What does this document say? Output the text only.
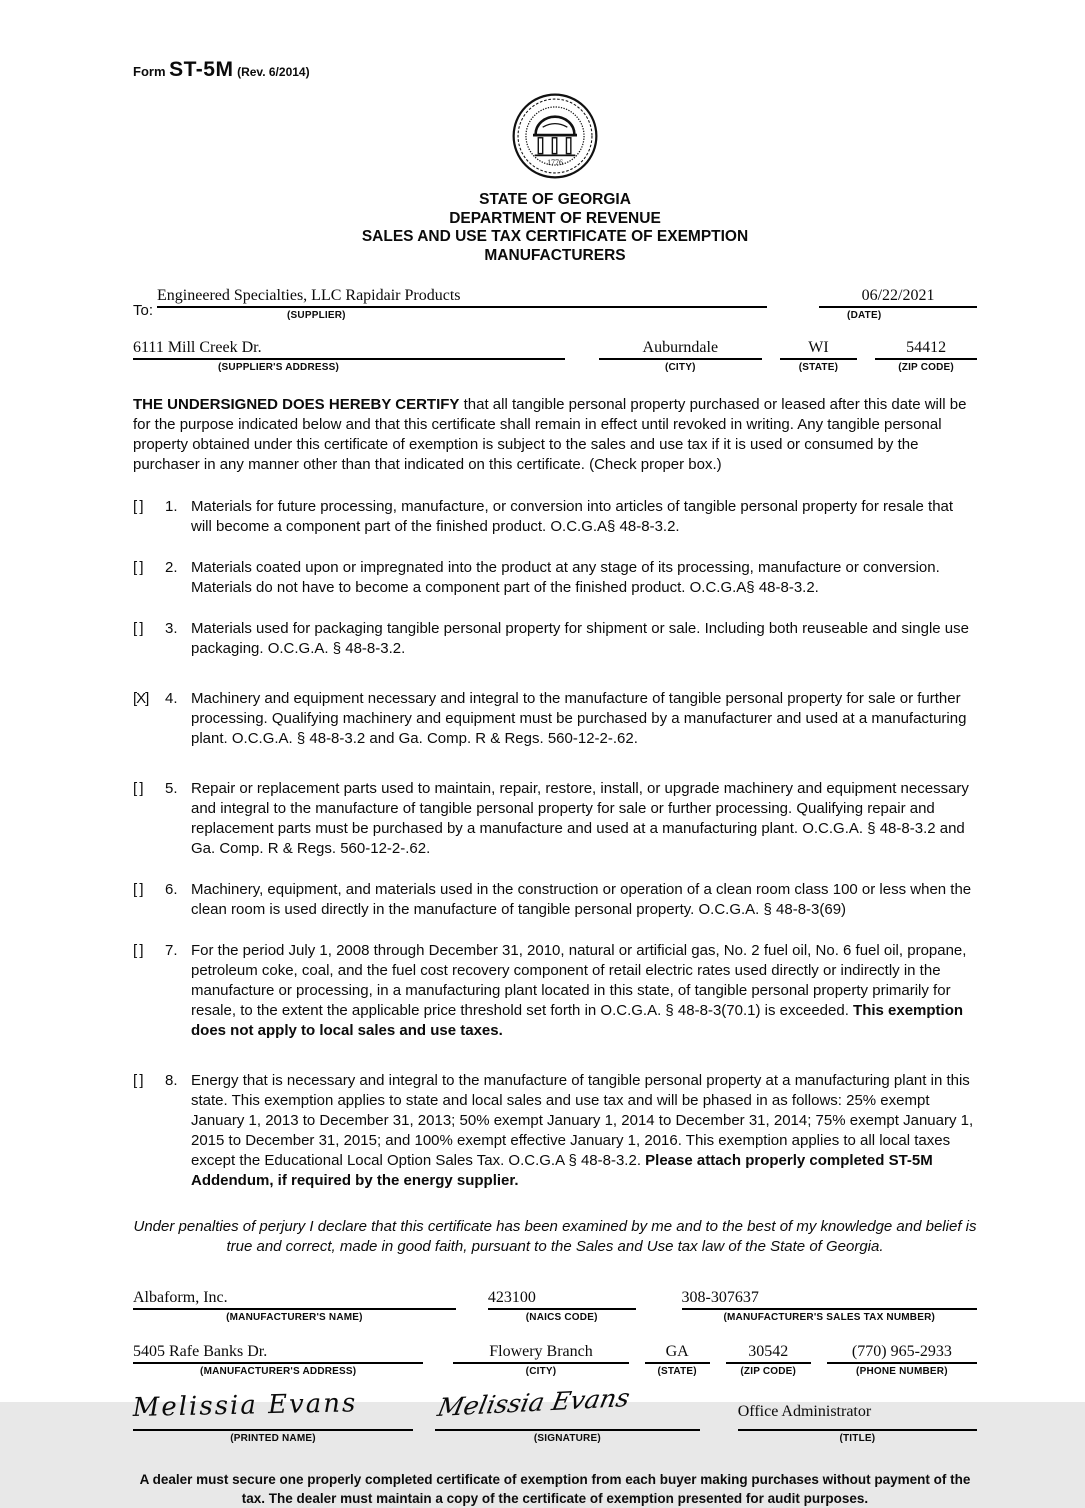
Form ST-5M (Rev. 6/2014)
1776
STATE OF GEORGIA
DEPARTMENT OF REVENUE
SALES AND USE TAX CERTIFICATE OF EXEMPTION
MANUFACTURERS
To:
Engineered Specialties, LLC Rapidair Products
(SUPPLIER)
06/22/2021
(DATE)
6111 Mill Creek Dr.
(SUPPLIER'S ADDRESS)
Auburndale
(CITY)
WI
(STATE)
54412
(ZIP CODE)
THE UNDERSIGNED DOES HEREBY CERTIFY that all tangible personal property purchased or leased after this date will be for the purpose indicated below and that this certificate shall remain in effect until revoked in writing. Any tangible personal property obtained under this certificate of exemption is subject to the sales and use tax if it is used or consumed by the purchaser in any manner other than that indicated on this certificate. (Check proper box.)
[ ]	1. Materials for future processing, manufacture, or conversion into articles of tangible personal property for resale that will become a component part of the finished product. O.C.G.A§ 48-8-3.2.
[ ]	2. Materials coated upon or impregnated into the product at any stage of its processing, manufacture or conversion. Materials do not have to become a component part of the finished product. O.C.G.A§ 48-8-3.2.
[ ]	3. Materials used for packaging tangible personal property for shipment or sale. Including both reuseable and single use packaging. O.C.G.A. § 48-8-3.2.
[X]	4. Machinery and equipment necessary and integral to the manufacture of tangible personal property for sale or further processing. Qualifying machinery and equipment must be purchased by a manufacturer and used at a manufacturing plant. O.C.G.A. § 48-8-3.2 and Ga. Comp. R & Regs. 560-12-2-.62.
[ ]	5. Repair or replacement parts used to maintain, repair, restore, install, or upgrade machinery and equipment necessary and integral to the manufacture of tangible personal property for sale or further processing. Qualifying repair and replacement parts must be purchased by a manufacture and used at a manufacturing plant. O.C.G.A. § 48-8-3.2 and Ga. Comp. R & Regs. 560-12-2-.62.
[ ]	6. Machinery, equipment, and materials used in the construction or operation of a clean room class 100 or less when the clean room is used directly in the manufacture of tangible personal property. O.C.G.A. § 48-8-3(69)
[ ]	7. For the period July 1, 2008 through December 31, 2010, natural or artificial gas, No. 2 fuel oil, No. 6 fuel oil, propane, petroleum coke, coal, and the fuel cost recovery component of retail electric rates used directly or indirectly in the manufacture or processing, in a manufacturing plant located in this state, of tangible personal property primarily for resale, to the extent the applicable price threshold set forth in O.C.G.A. § 48-8-3(70.1) is exceeded. This exemption does not apply to local sales and use taxes.
[ ]	8. Energy that is necessary and integral to the manufacture of tangible personal property at a manufacturing plant in this state. This exemption applies to state and local sales and use tax and will be phased in as follows: 25% exempt January 1, 2013 to December 31, 2013; 50% exempt January 1, 2014 to December 31, 2014; 75% exempt January 1, 2015 to December 31, 2015; and 100% exempt effective January 1, 2016. This exemption applies to all local taxes except the Educational Local Option Sales Tax. O.C.G.A § 48-8-3.2. Please attach properly completed ST-5M Addendum, if required by the energy supplier.
Under penalties of perjury I declare that this certificate has been examined by me and to the best of my knowledge and belief is true and correct, made in good faith, pursuant to the Sales and Use tax law of the State of Georgia.
Albaform, Inc.
(MANUFACTURER'S NAME)
423100
(NAICS CODE)
308-307637
(MANUFACTURER'S SALES TAX NUMBER)
5405 Rafe Banks Dr.
(MANUFACTURER'S ADDRESS)
Flowery Branch
(CITY)
GA
(STATE)
30542
(ZIP CODE)
(770) 965-2933
(PHONE NUMBER)
Melissia Evans
(PRINTED NAME)
Melissia Evans
(SIGNATURE)
Office Administrator
(TITLE)
A dealer must secure one properly completed certificate of exemption from each buyer making purchases without payment of the tax. The dealer must maintain a copy of the certificate of exemption presented for audit purposes.
